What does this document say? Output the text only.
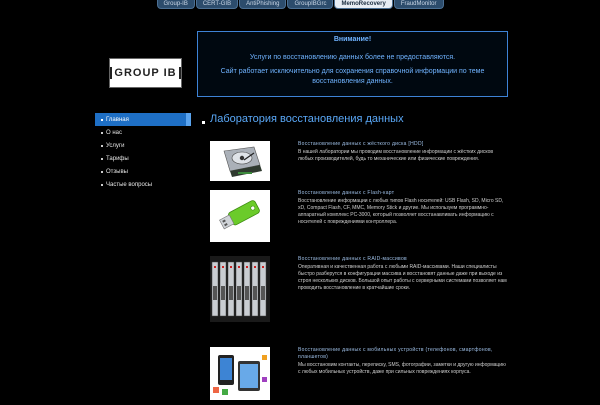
Group-IB	CERT-GIB	AntiPhishing	GroupIBGrc	MemoRecovery	FraudMonitor
GROUP IB
Внимание!
Услуги по восстановлению данных более не предоставляются.
Сайт работает исключительно для сохранения справочной информации по теме восстановления данных.
Главная
О нас
Услуги
Тарифы
Отзывы
Частые вопросы
Лаборатория восстановления данных
Восстановление данных с жёсткого диска [HDD]
В нашей лаборатории мы проводим восстановление информации с жёстких дисков любых производителей, будь то механические или физические повреждения.
Восстановление данных с Flash-карт
Восстановление информации с любых типов Flash носителей: USB Flash, SD, Micro SD, xD, Compact Flash, CF, MMC, Memory Stick и другие. Мы используем программно-аппаратный комплекс PC-3000, который позволяет восстанавливать информацию с носителей с повреждениями контроллера.
Восстановление данных с RAID-массивов
Оперативная и качественная работа с любыми RAID-массивами. Наши специалисты быстро разберутся в конфигурации массива и восстановят данные даже при выходе из строя нескольких дисков. Большой опыт работы с серверными системами позволяет нам проводить восстановление в кратчайшие сроки.
Восстановление данных с мобильных устройств (телефонов, смартфонов, планшетов)
Мы восстановим контакты, переписку, SMS, фотографии, заметки и другую информацию с любых мобильных устройств, даже при сильных повреждениях корпуса.
